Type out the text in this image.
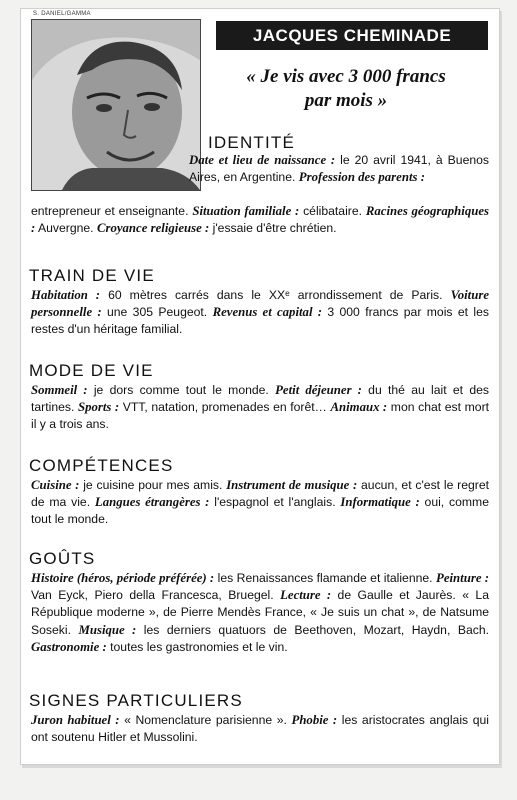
S. DANIEL/GAMMA
JACQUES CHEMINADE
« Je vis avec 3 000 francs
par mois »
IDENTITÉ
Date et lieu de naissance : le 20 avril 1941, à Buenos Aires, en Argentine. Profession des parents :
entrepreneur et enseignante. Situation familiale : célibataire. Racines géographiques : Auvergne. Croyance religieuse : j'essaie d'être chrétien.
TRAIN DE VIE
Habitation : 60 mètres carrés dans le XXᵉ arrondissement de Paris. Voiture personnelle : une 305 Peugeot. Revenus et capital : 3 000 francs par mois et les restes d'un héritage familial.
MODE DE VIE
Sommeil : je dors comme tout le monde. Petit déjeuner : du thé au lait et des tartines. Sports : VTT, natation, promenades en forêt… Animaux : mon chat est mort il y a trois ans.
COMPÉTENCES
Cuisine : je cuisine pour mes amis. Instrument de musique : aucun, et c'est le regret de ma vie. Langues étrangères : l'espagnol et l'anglais. Informatique : oui, comme tout le monde.
GOÛTS
Histoire (héros, période préférée) : les Renaissances flamande et italienne. Peinture : Van Eyck, Piero della Francesca, Bruegel. Lecture : de Gaulle et Jaurès. « La République moderne », de Pierre Mendès France, « Je suis un chat », de Natsume Soseki. Musique : les derniers quatuors de Beethoven, Mozart, Haydn, Bach. Gastronomie : toutes les gastronomies et le vin.
SIGNES PARTICULIERS
Juron habituel : « Nomenclature parisienne ». Phobie : les aristocrates anglais qui ont soutenu Hitler et Mussolini.
